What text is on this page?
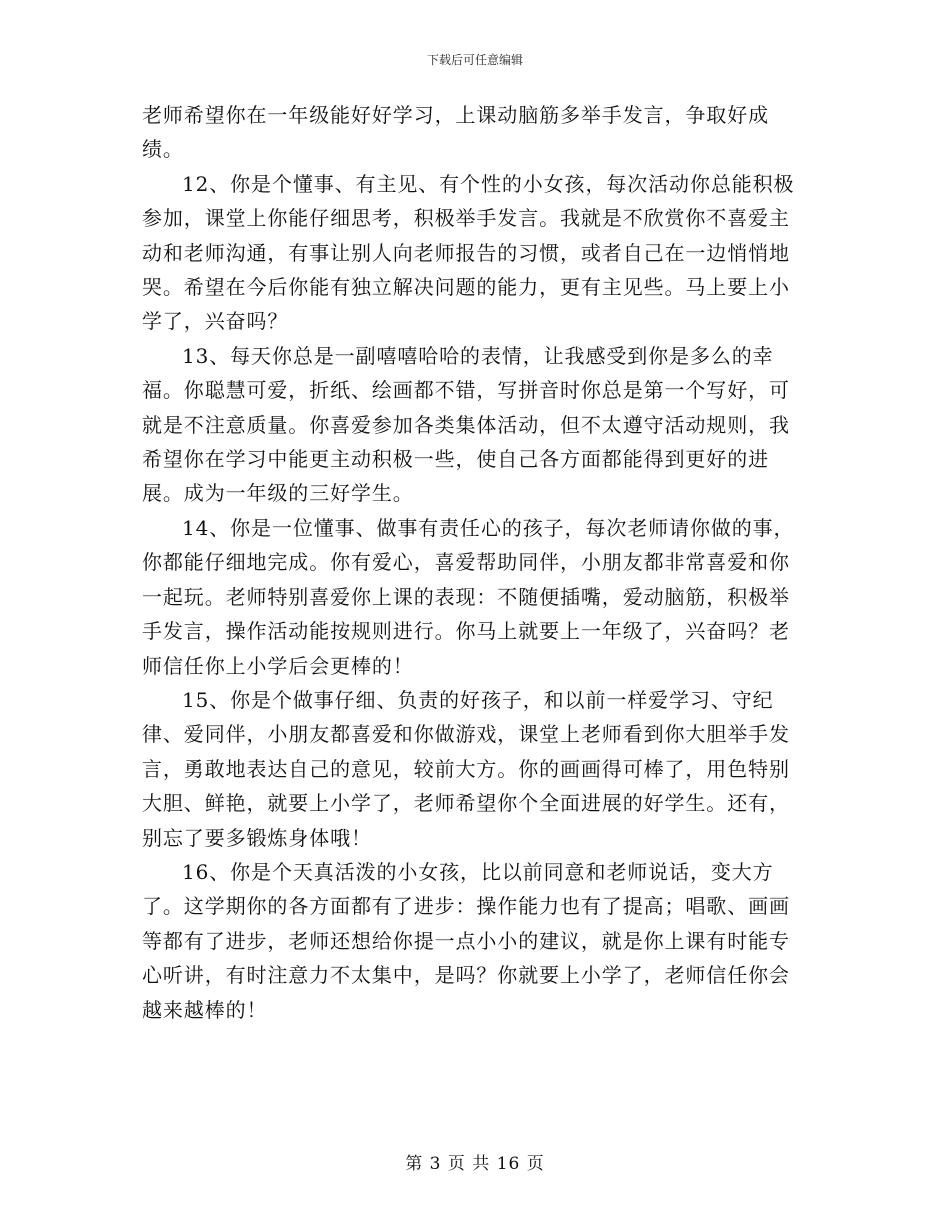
下载后可任意编辑

老师希望你在一年级能好好学习，上课动脑筋多举手发言，争取好成绩。

12、你是个懂事、有主见、有个性的小女孩，每次活动你总能积极参加，课堂上你能仔细思考，积极举手发言。我就是不欣赏你不喜爱主动和老师沟通，有事让别人向老师报告的习惯，或者自己在一边悄悄地哭。希望在今后你能有独立解决问题的能力，更有主见些。马上要上小学了，兴奋吗？

13、每天你总是一副嘻嘻哈哈的表情，让我感受到你是多么的幸福。你聪慧可爱，折纸、绘画都不错，写拼音时你总是第一个写好，可就是不注意质量。你喜爱参加各类集体活动，但不太遵守活动规则，我希望你在学习中能更主动积极一些，使自己各方面都能得到更好的进展。成为一年级的三好学生。

14、你是一位懂事、做事有责任心的孩子，每次老师请你做的事，你都能仔细地完成。你有爱心，喜爱帮助同伴，小朋友都非常喜爱和你一起玩。老师特别喜爱你上课的表现：不随便插嘴，爱动脑筋，积极举手发言，操作活动能按规则进行。你马上就要上一年级了，兴奋吗？老师信任你上小学后会更棒的！

15、你是个做事仔细、负责的好孩子，和以前一样爱学习、守纪律、爱同伴，小朋友都喜爱和你做游戏，课堂上老师看到你大胆举手发言，勇敢地表达自己的意见，较前大方。你的画画得可棒了，用色特别大胆、鲜艳，就要上小学了，老师希望你个全面进展的好学生。还有，别忘了要多锻炼身体哦！

16、你是个天真活泼的小女孩，比以前同意和老师说话，变大方了。这学期你的各方面都有了进步：操作能力也有了提高；唱歌、画画等都有了进步，老师还想给你提一点小小的建议，就是你上课有时能专心听讲，有时注意力不太集中，是吗？你就要上小学了，老师信任你会越来越棒的！

第 3 页 共 16 页
